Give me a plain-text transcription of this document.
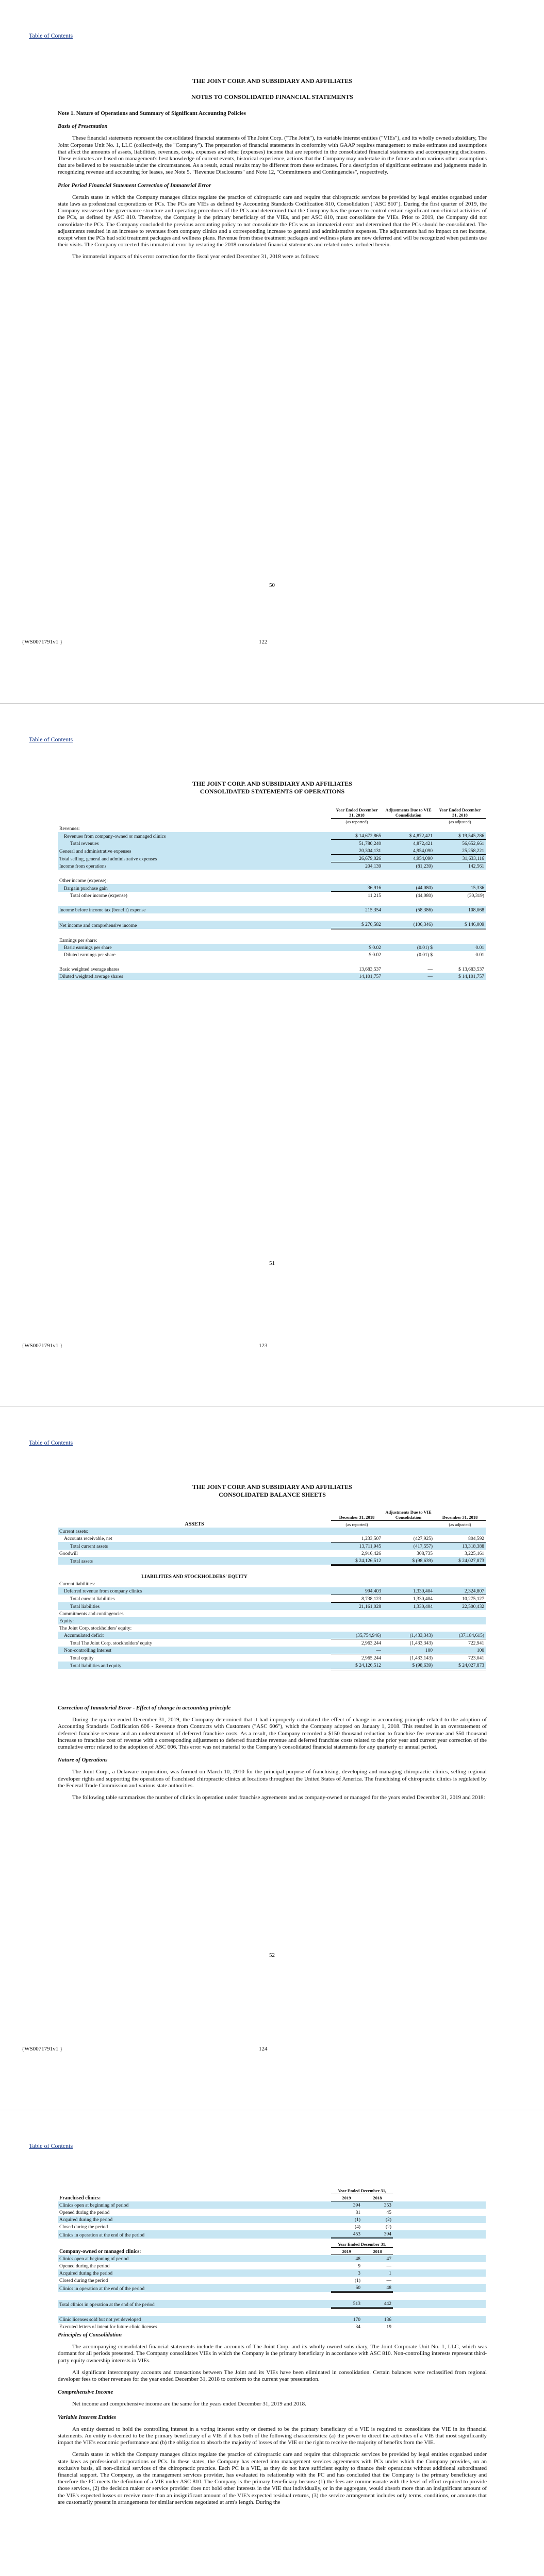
Table of Contents

THE JOINT CORP. AND SUBSIDIARY AND AFFILIATES

NOTES TO CONSOLIDATED FINANCIAL STATEMENTS

Note 1. Nature of Operations and Summary of Significant Accounting Policies

Basis of Presentation

These financial statements represent the consolidated financial statements of The Joint Corp. ("The Joint"), its variable interest entities ("VIEs"), and its wholly owned subsidiary, The Joint Corporate Unit No. 1, LLC (collectively, the "Company"). The preparation of financial statements in conformity with GAAP requires management to make estimates and assumptions that affect the amounts of assets, liabilities, revenues, costs, expenses and other (expenses) income that are reported in the consolidated financial statements and accompanying disclosures. These estimates are based on management's best knowledge of current events, historical experience, actions that the Company may undertake in the future and on various other assumptions that are believed to be reasonable under the circumstances. As a result, actual results may be different from these estimates. For a description of significant estimates and judgments made in recognizing revenue and accounting for leases, see Note 5, "Revenue Disclosures" and Note 12, "Commitments and Contingencies", respectively.

Prior Period Financial Statement Correction of Immaterial Error

Certain states in which the Company manages clinics regulate the practice of chiropractic care and require that chiropractic services be provided by legal entities organized under state laws as professional corporations or PCs. The PCs are VIEs as defined by Accounting Standards Codification 810, Consolidation ("ASC 810"). During the first quarter of 2019, the Company reassessed the governance structure and operating procedures of the PCs and determined that the Company has the power to control certain significant non-clinical activities of the PCs, as defined by ASC 810. Therefore, the Company is the primary beneficiary of the VIEs, and per ASC 810, must consolidate the VIEs. Prior to 2019, the Company did not consolidate the PCs. The Company concluded the previous accounting policy to not consolidate the PCs was an immaterial error and determined that the PCs should be consolidated. The adjustments resulted in an increase to revenues from company clinics and a corresponding increase to general and administrative expenses. The adjustments had no impact on net income, except when the PCs had sold treatment packages and wellness plans. Revenue from these treatment packages and wellness plans are now deferred and will be recognized when patients use their visits. The Company corrected this immaterial error by restating the 2018 consolidated financial statements and related notes included herein.

The immaterial impacts of this error correction for the fiscal year ended December 31, 2018 were as follows:

50
{WS0071791v1 }	122
Table of Contents

THE JOINT CORP. AND SUBSIDIARY AND AFFILIATES

CONSOLIDATED STATEMENTS OF OPERATIONS

	Year Ended December 31, 2018	Adjustments Due to VIE Consolidation	Year Ended December 31, 2018
	(as reported)		(as adjusted)
Revenues:			
Revenues from company-owned or managed clinics	$ 14,672,865	$ 4,872,421	$ 19,545,286
Total revenues	51,780,240	4,872,421	56,652,661
General and administrative expenses	20,304,131	4,954,090	25,258,221
Total selling, general and administrative expenses	26,679,026	4,954,090	31,633,116
Income from operations	204,139	(81,239)	142,561

Other income (expense):			
Bargain purchase gain	36,916	(44,080)	15,336
Total other income (expense)	11,215	(44,080)	(30,319)

Income before income tax (benefit) expense	215,354	(58,386)	108,068

Net income and comprehensive income	$ 270,582	(106,346)	$ 146,009

Earnings per share:			
Basic earnings per share	$ 0.02	(0.01) $	0.01
Diluted earnings per share	$ 0.02	(0.01) $	0.01

Basic weighted average shares	13,683,537	—	$ 13,683,537
Diluted weighted average shares	14,101,757	—	$ 14,101,757
51
{WS0071791v1 }	123
Table of Contents

THE JOINT CORP. AND SUBSIDIARY AND AFFILIATES

CONSOLIDATED BALANCE SHEETS

	December 31, 2018	Adjustments Due to VIE Consolidation	December 31, 2018
ASSETS	(as reported)		(as adjusted)
Current assets:			
Accounts receivable, net	1,233,507	(427,925)	804,592
Total current assets	13,711,945	(417,557)	13,318,388
Goodwill	2,916,426	308,735	3,225,161
Total assets	$ 24,126,512	$ (98,639)	$ 24,027,873

LIABILITIES AND STOCKHOLDERS' EQUITY			
Current liabilities:			
Deferred revenue from company clinics	994,403	1,330,404	2,324,807
Total current liabilities	8,738,123	1,330,404	10,275,127
Total liabilities	21,161,028	1,330,404	22,500,432
Commitments and contingencies			
Equity:			
The Joint Corp. stockholders' equity:			
Accumulated deficit	(35,754,946)	(1,433,343)	(37,184,615)
Total The Joint Corp. stockholders' equity	2,963,244	(1,433,343)	722,941
Non-controlling Interest	—	100	100
Total equity	2,965,244	(1,433,143)	723,041
Total liabilities and equity	$ 24,126,512	$ (98,639)	$ 24,027,873

Correction of Immaterial Error - Effect of change in accounting principle

During the quarter ended December 31, 2019, the Company determined that it had improperly calculated the effect of change in accounting principle related to the adoption of Accounting Standards Codification 606 - Revenue from Contracts with Customers ("ASC 606"), which the Company adopted on January 1, 2018. This resulted in an overstatement of deferred franchise revenue and an understatement of deferred franchise costs. As a result, the Company recorded a $150 thousand reduction to franchise fee revenue and $50 thousand increase to franchise cost of revenue with a corresponding adjustment to deferred franchise revenue and deferred franchise costs related to the prior year and current year correction of the cumulative error related to the adoption of ASC 606. This error was not material to the Company's consolidated financial statements for any quarterly or annual period.

Nature of Operations

The Joint Corp., a Delaware corporation, was formed on March 10, 2010 for the principal purpose of franchising, developing and managing chiropractic clinics, selling regional developer rights and supporting the operations of franchised chiropractic clinics at locations throughout the United States of America. The franchising of chiropractic clinics is regulated by the Federal Trade Commission and various state authorities.

The following table summarizes the number of clinics in operation under franchise agreements and as company-owned or managed for the years ended December 31, 2019 and 2018:

52
{WS0071791v1 }	124
Table of Contents
	Year Ended December 31,		
Franchised clinics:	2019	2018	
Clinics open at beginning of period	394	353	
Opened during the period	81	45	
Acquired during the period	(1)	(2)	
Closed during the period	(4)	(2)	
Clinics in operation at the end of the period	453	394	
	Year Ended December 31,		
Company-owned or managed clinics:	2019	2018	
Clinics open at beginning of period	48	47	
Opened during the period	9	—	
Acquired during the period	3	1	
Closed during the period	(1)	—	
Clinics in operation at the end of the period	60	48	

Total clinics in operation at the end of the period	513	442	

Clinic licenses sold but not yet developed	170	136	
Executed letters of intent for future clinic licenses	34	19	

Principles of Consolidation

The accompanying consolidated financial statements include the accounts of The Joint Corp. and its wholly owned subsidiary, The Joint Corporate Unit No. 1, LLC, which was dormant for all periods presented. The Company consolidates VIEs in which the Company is the primary beneficiary in accordance with ASC 810. Non-controlling interests represent third-party equity ownership interests in VIEs.

All significant intercompany accounts and transactions between The Joint and its VIEs have been eliminated in consolidation. Certain balances were reclassified from regional developer fees to other revenues for the year ended December 31, 2018 to conform to the current year presentation.

Comprehensive Income

Net income and comprehensive income are the same for the years ended December 31, 2019 and 2018.

Variable Interest Entities

An entity deemed to hold the controlling interest in a voting interest entity or deemed to be the primary beneficiary of a VIE is required to consolidate the VIE in its financial statements. An entity is deemed to be the primary beneficiary of a VIE if it has both of the following characteristics: (a) the power to direct the activities of a VIE that most significantly impact the VIE's economic performance and (b) the obligation to absorb the majority of losses of the VIE or the right to receive the majority of benefits from the VIE.

Certain states in which the Company manages clinics regulate the practice of chiropractic care and require that chiropractic services be provided by legal entities organized under state laws as professional corporations or PCs. In these states, the Company has entered into management services agreements with PCs under which the Company provides, on an exclusive basis, all non-clinical services of the chiropractic practice. Each PC is a VIE, as they do not have sufficient equity to finance their operations without additional subordinated financial support. The Company, as the management services provider, has evaluated its relationship with the PC and has concluded that the Company is the primary beneficiary and therefore the PC meets the definition of a VIE under ASC 810. The Company is the primary beneficiary because (1) the fees are commensurate with the level of effort required to provide those services, (2) the decision maker or service provider does not hold other interests in the VIE that individually, or in the aggregate, would absorb more than an insignificant amount of the VIE's expected losses or receive more than an insignificant amount of the VIE's expected residual returns, (3) the service arrangement includes only terms, conditions, or amounts that are customarily present in arrangements for similar services negotiated at arm's length. During the
